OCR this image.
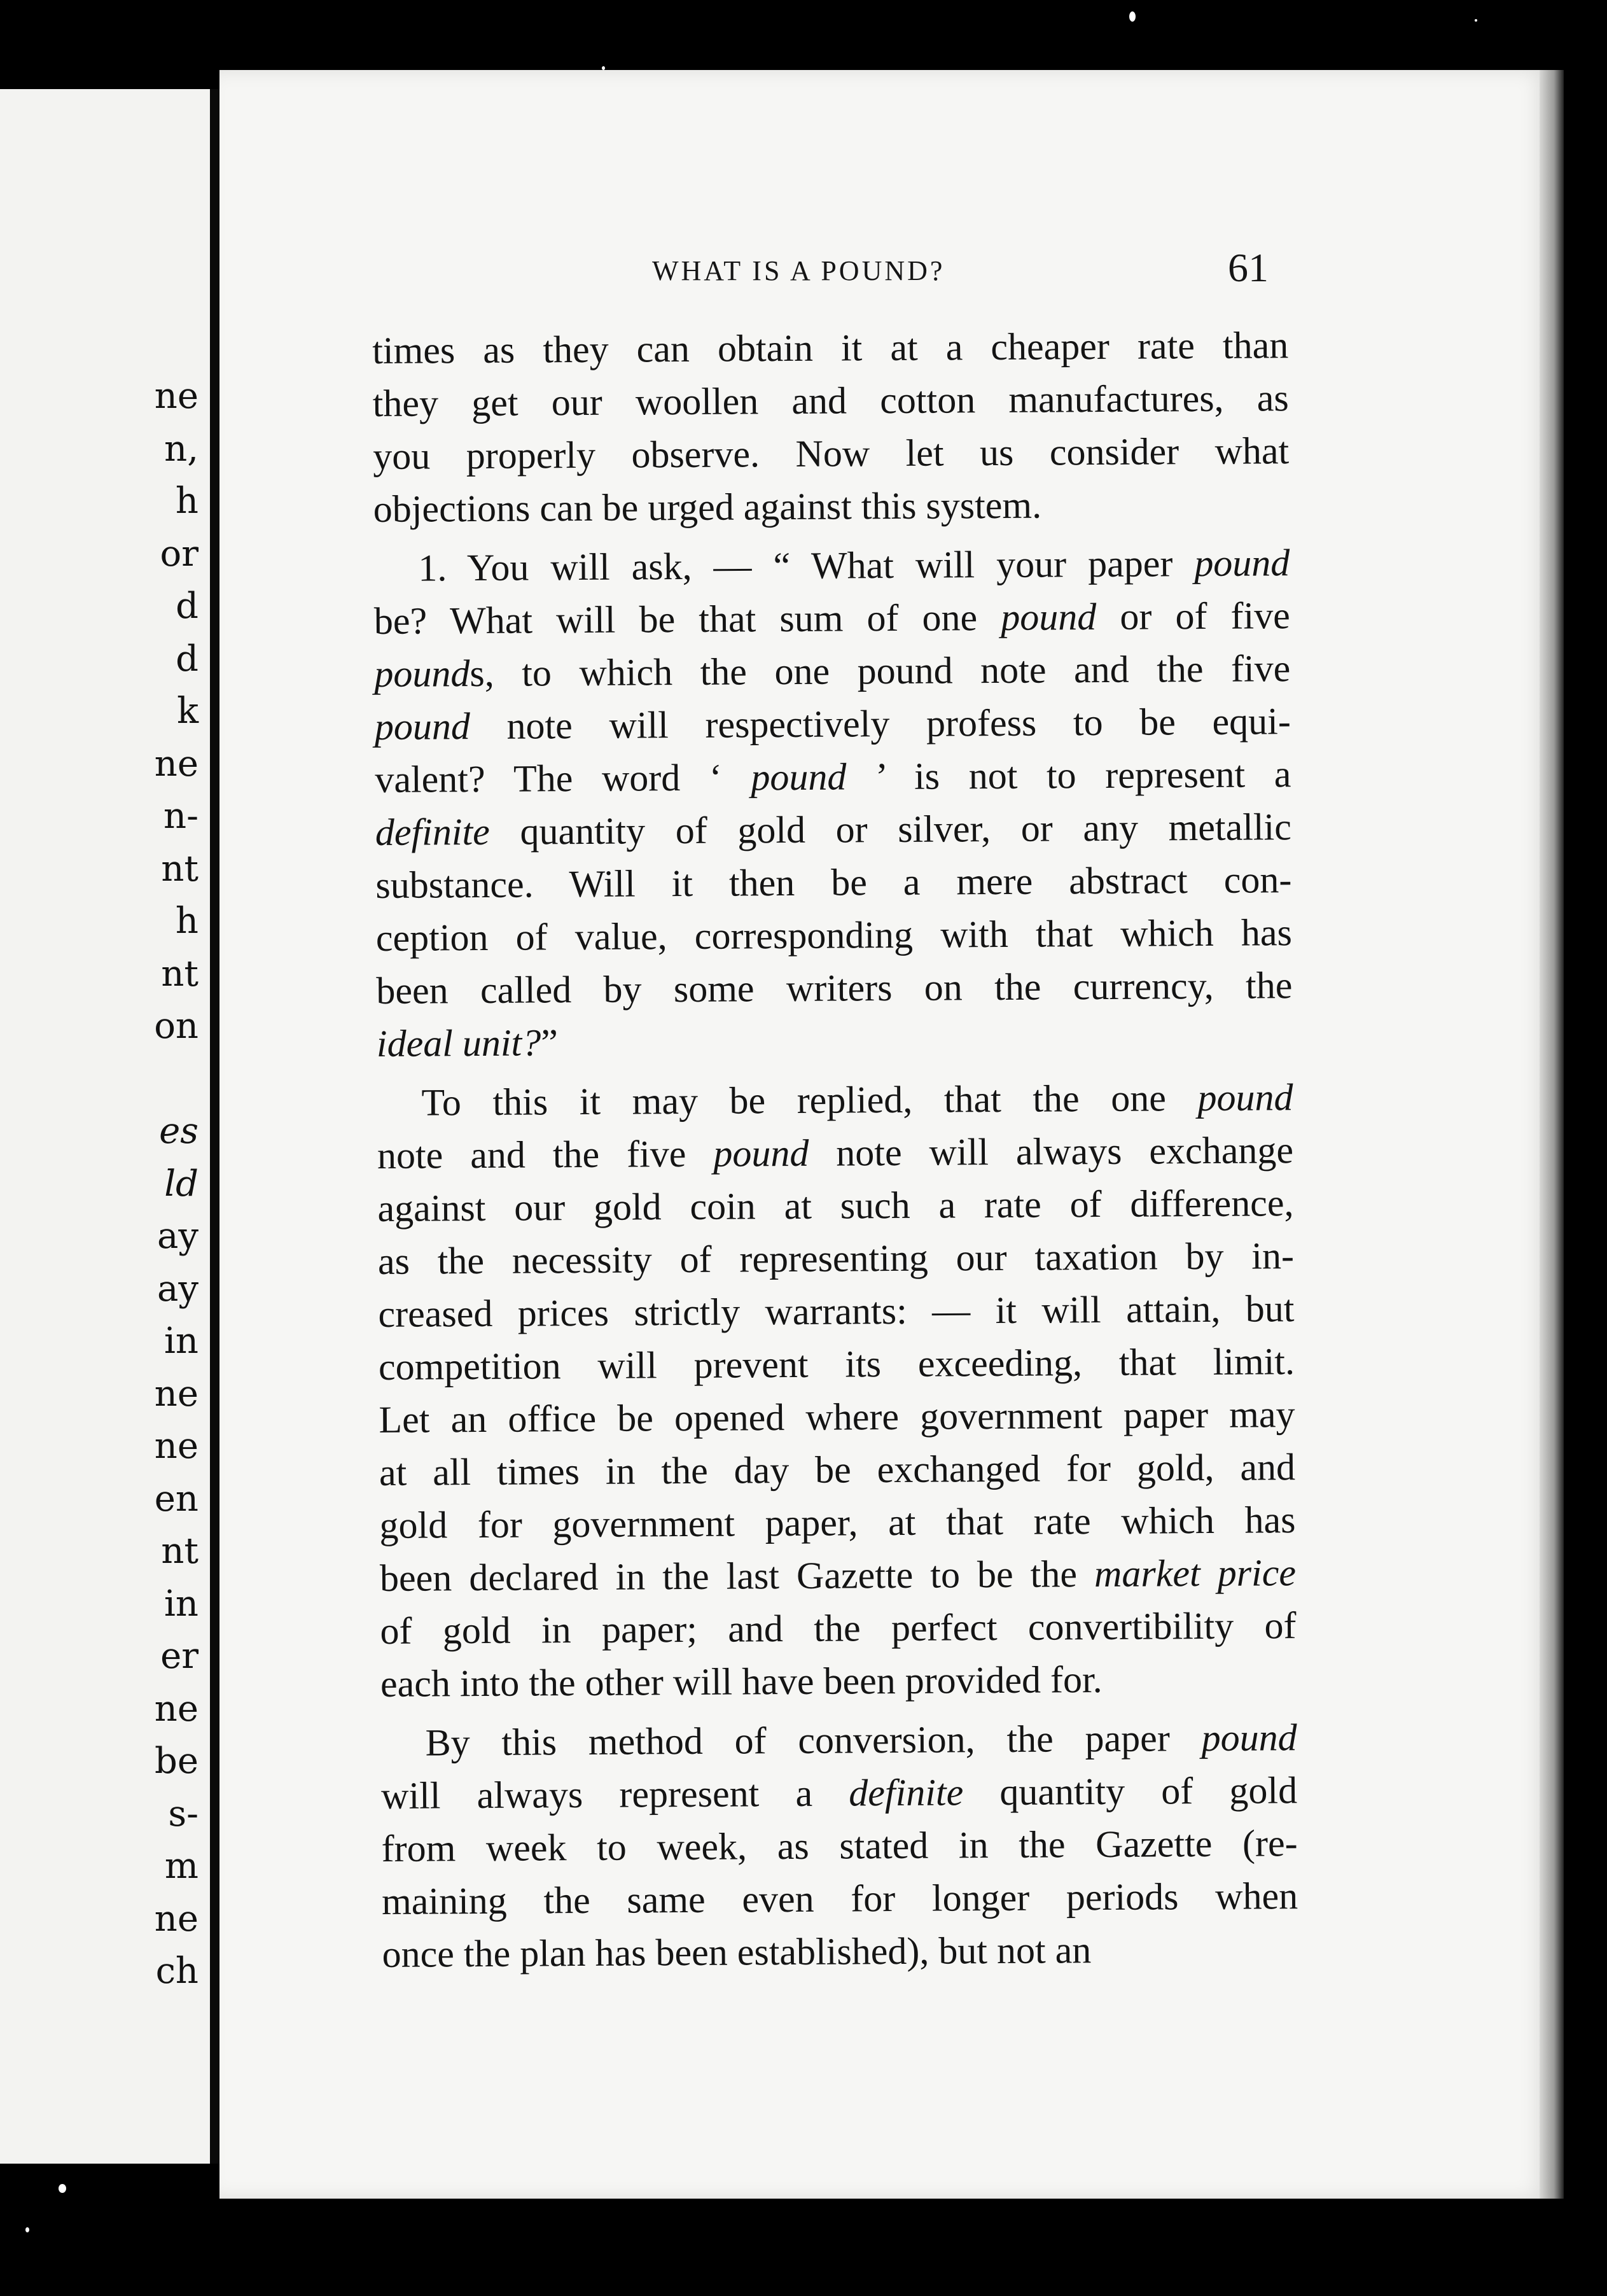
ne
n,
h
or
d
d
k
ne
n-
nt
h
nt
on
es
ld
ay
ay
in
ne
ne
en
nt
in
er
ne
be
s-
m
ne
ch
WHAT IS A POUND?	61
times as they can obtain it at a cheaper rate than
they get our woollen and cotton manufactures, as
you properly observe. Now let us consider what
objections can be urged against this system.
1. You will ask, — “ What will your paper pound
be? What will be that sum of one pound or of five
pounds, to which the one pound note and the five
pound note will respectively profess to be equi-
valent? The word ‘ pound ’ is not to represent a
definite quantity of gold or silver, or any metallic
substance. Will it then be a mere abstract con-
ception of value, corresponding with that which has
been called by some writers on the currency, the
ideal unit?”
To this it may be replied, that the one pound
note and the five pound note will always exchange
against our gold coin at such a rate of difference,
as the necessity of representing our taxation by in-
creased prices strictly warrants: — it will attain, but
competition will prevent its exceeding, that limit.
Let an office be opened where government paper may
at all times in the day be exchanged for gold, and
gold for government paper, at that rate which has
been declared in the last Gazette to be the market price
of gold in paper; and the perfect convertibility of
each into the other will have been provided for.
By this method of conversion, the paper pound
will always represent a definite quantity of gold
from week to week, as stated in the Gazette (re-
maining the same even for longer periods when
once the plan has been established), but not an
